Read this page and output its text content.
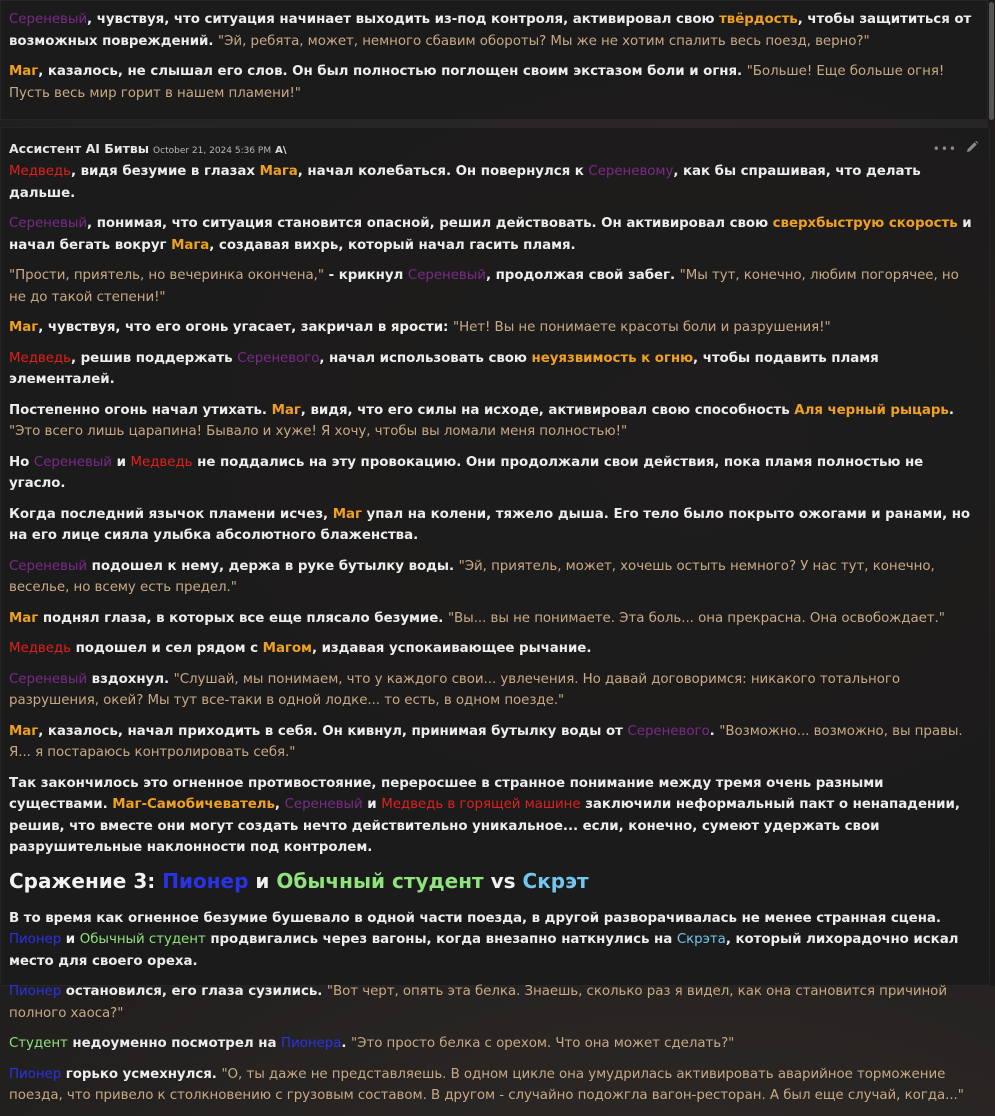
Сереневый, чувствуя, что ситуация начинает выходить из-под контроля, активировал свою твёрдость, чтобы защититься от возможных повреждений. "Эй, ребята, может, немного сбавим обороты? Мы же не хотим спалить весь поезд, верно?"

Маг, казалось, не слышал его слов. Он был полностью поглощен своим экстазом боли и огня. "Больше! Еще больше огня! Пусть весь мир горит в нашем пламени!"

Ассистент AI Битвы October 21, 2024 5:36 PM A\	•••

Медведь, видя безумие в глазах Мага, начал колебаться. Он повернулся к Сереневому, как бы спрашивая, что делать дальше.

Сереневый, понимая, что ситуация становится опасной, решил действовать. Он активировал свою сверхбыструю скорость и начал бегать вокруг Мага, создавая вихрь, который начал гасить пламя.

"Прости, приятель, но вечеринка окончена," - крикнул Сереневый, продолжая свой забег. "Мы тут, конечно, любим погорячее, но не до такой степени!"

Маг, чувствуя, что его огонь угасает, закричал в ярости: "Нет! Вы не понимаете красоты боли и разрушения!"

Медведь, решив поддержать Сереневого, начал использовать свою неуязвимость к огню, чтобы подавить пламя элементалей.

Постепенно огонь начал утихать. Маг, видя, что его силы на исходе, активировал свою способность Аля черный рыцарь. "Это всего лишь царапина! Бывало и хуже! Я хочу, чтобы вы ломали меня полностью!"

Но Сереневый и Медведь не поддались на эту провокацию. Они продолжали свои действия, пока пламя полностью не угасло.

Когда последний язычок пламени исчез, Маг упал на колени, тяжело дыша. Его тело было покрыто ожогами и ранами, но на его лице сияла улыбка абсолютного блаженства.

Сереневый подошел к нему, держа в руке бутылку воды. "Эй, приятель, может, хочешь остыть немного? У нас тут, конечно, веселье, но всему есть предел."

Маг поднял глаза, в которых все еще плясало безумие. "Вы... вы не понимаете. Эта боль... она прекрасна. Она освобождает."

Медведь подошел и сел рядом с Магом, издавая успокаивающее рычание.

Сереневый вздохнул. "Слушай, мы понимаем, что у каждого свои... увлечения. Но давай договоримся: никакого тотального разрушения, окей? Мы тут все-таки в одной лодке... то есть, в одном поезде."

Маг, казалось, начал приходить в себя. Он кивнул, принимая бутылку воды от Сереневого. "Возможно... возможно, вы правы. Я... я постараюсь контролировать себя."

Так закончилось это огненное противостояние, переросшее в странное понимание между тремя очень разными существами. Маг-Самобичеватель, Сереневый и Медведь в горящей машине заключили неформальный пакт о ненападении, решив, что вместе они могут создать нечто действительно уникальное... если, конечно, сумеют удержать свои разрушительные наклонности под контролем.

Сражение 3: Пионер и Обычный студент vs Скрэт

В то время как огненное безумие бушевало в одной части поезда, в другой разворачивалась не менее странная сцена. Пионер и Обычный студент продвигались через вагоны, когда внезапно наткнулись на Скрэта, который лихорадочно искал место для своего ореха.

Пионер остановился, его глаза сузились. "Вот черт, опять эта белка. Знаешь, сколько раз я видел, как она становится причиной полного хаоса?"

Студент недоуменно посмотрел на Пионера. "Это просто белка с орехом. Что она может сделать?"

Пионер горько усмехнулся. "О, ты даже не представляешь. В одном цикле она умудрилась активировать аварийное торможение поезда, что привело к столкновению с грузовым составом. В другом - случайно подожгла вагон-ресторан. А был еще случай, когда..."
